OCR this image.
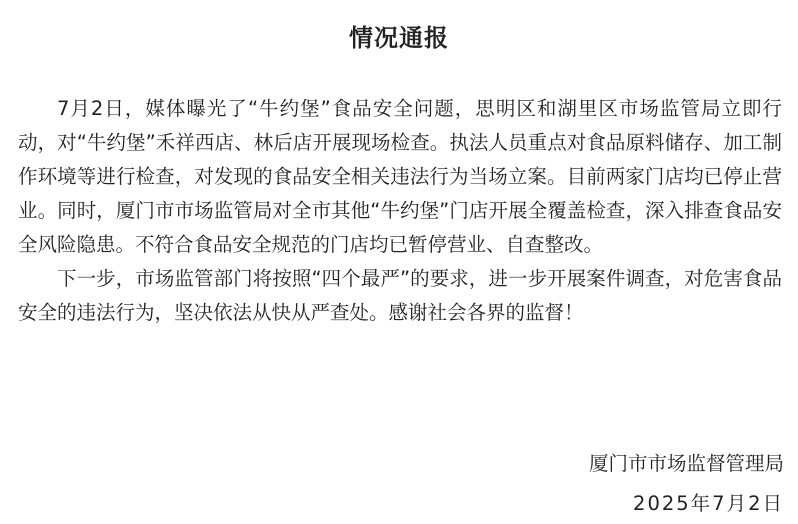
情况通报

7月2日，媒体曝光了“牛约堡”食品安全问题，思明区和湖里区市场监管局立即行动，对“牛约堡”禾祥西店、林后店开展现场检查。执法人员重点对食品原料储存、加工制作环境等进行检查，对发现的食品安全相关违法行为当场立案。目前两家门店均已停止营业。同时，厦门市市场监管局对全市其他“牛约堡”门店开展全覆盖检查，深入排查食品安全风险隐患。不符合食品安全规范的门店均已暂停营业、自查整改。

下一步，市场监管部门将按照“四个最严”的要求，进一步开展案件调查，对危害食品安全的违法行为，坚决依法从快从严查处。感谢社会各界的监督！

厦门市市场监督管理局
2025年7月2日
